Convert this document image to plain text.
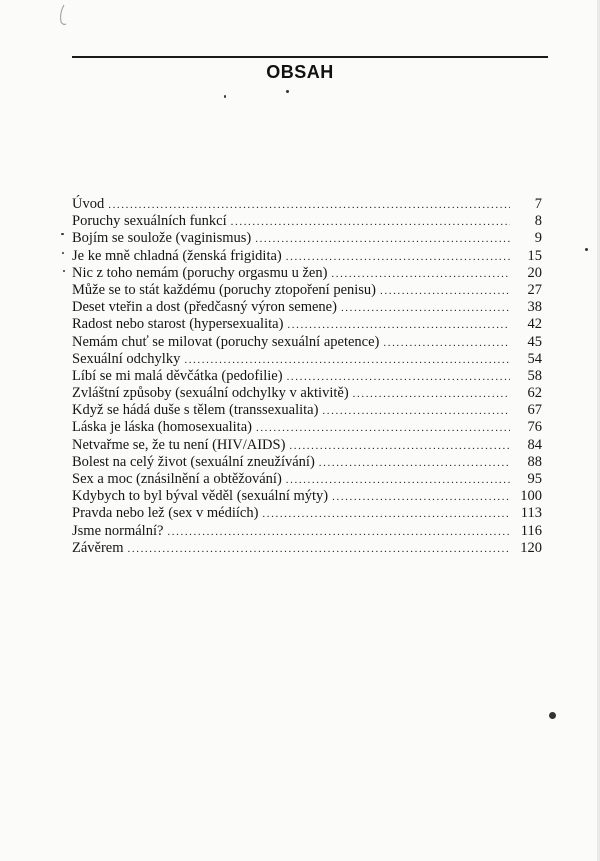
OBSAH
Úvod .....	7
Poruchy sexuálních funkcí .....	8
Bojím se soulože (vaginismus) .....	9
Je ke mně chladná (ženská frigidita) .....	15
Nic z toho nemám (poruchy orgasmu u žen) .....	20
Může se to stát každému (poruchy ztopoření penisu) .....	27
Deset vteřin a dost (předčasný výron semene) .....	38
Radost nebo starost (hypersexualita) .....	42
Nemám chuť se milovat (poruchy sexuální apetence) .....	45
Sexuální odchylky .....	54
Líbí se mi malá děvčátka (pedofilie) .....	58
Zvláštní způsoby (sexuální odchylky v aktivitě) .....	62
Když se hádá duše s tělem (transsexualita) .....	67
Láska je láska (homosexualita) .....	76
Netvařme se, že tu není (HIV/AIDS) .....	84
Bolest na celý život (sexuální zneužívání) .....	88
Sex a moc (znásilnění a obtěžování) .....	95
Kdybych to byl býval věděl (sexuální mýty) .....	100
Pravda nebo lež (sex v médiích) .....	113
Jsme normální? .....	116
Závěrem .....	120
